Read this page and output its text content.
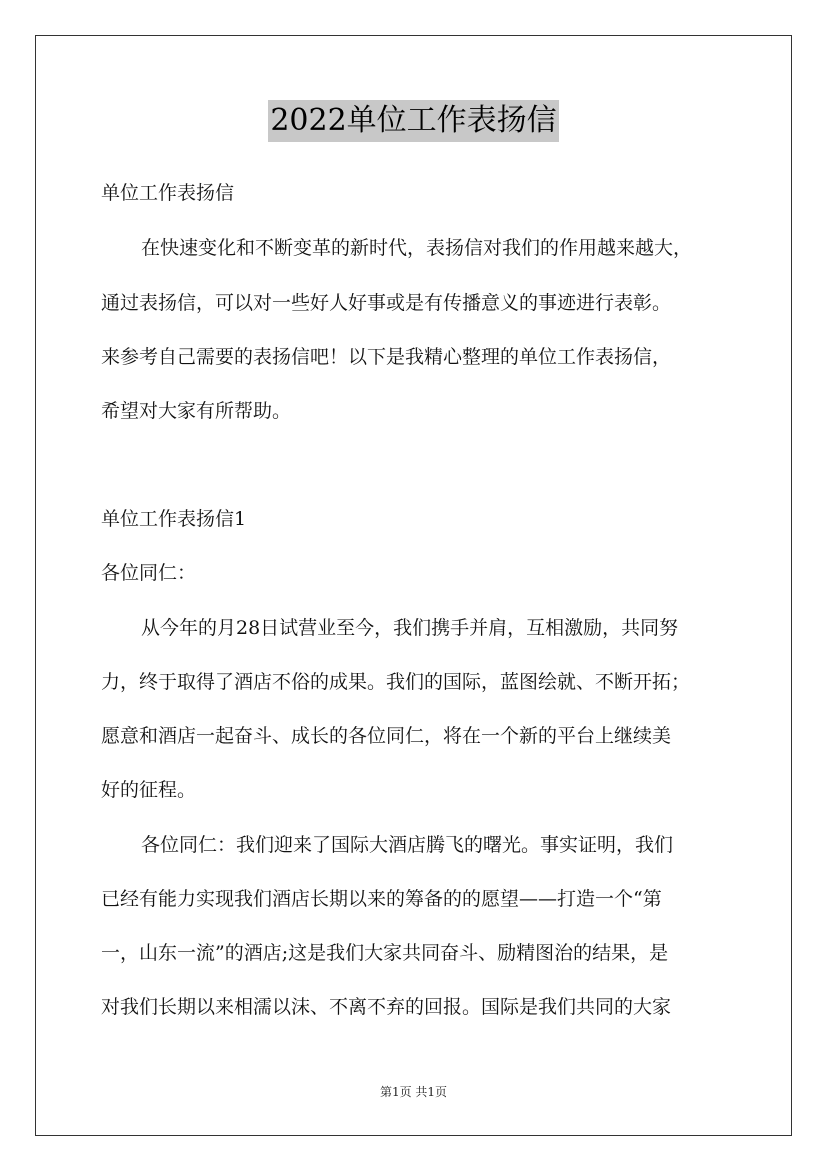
2022单位工作表扬信
单位工作表扬信
在快速变化和不断变革的新时代，表扬信对我们的作用越来越大，
通过表扬信，可以对一些好人好事或是有传播意义的事迹进行表彰。
来参考自己需要的表扬信吧！以下是我精心整理的单位工作表扬信，
希望对大家有所帮助。
单位工作表扬信1
各位同仁：
从今年的月28日试营业至今，我们携手并肩，互相激励，共同努
力，终于取得了酒店不俗的成果。我们的国际，蓝图绘就、不断开拓；
愿意和酒店一起奋斗、成长的各位同仁，将在一个新的平台上继续美
好的征程。
各位同仁：我们迎来了国际大酒店腾飞的曙光。事实证明，我们
已经有能力实现我们酒店长期以来的筹备的的愿望——打造一个“第
一，山东一流”的酒店;这是我们大家共同奋斗、励精图治的结果，是
对我们长期以来相濡以沫、不离不弃的回报。国际是我们共同的大家
第1页 共1页
